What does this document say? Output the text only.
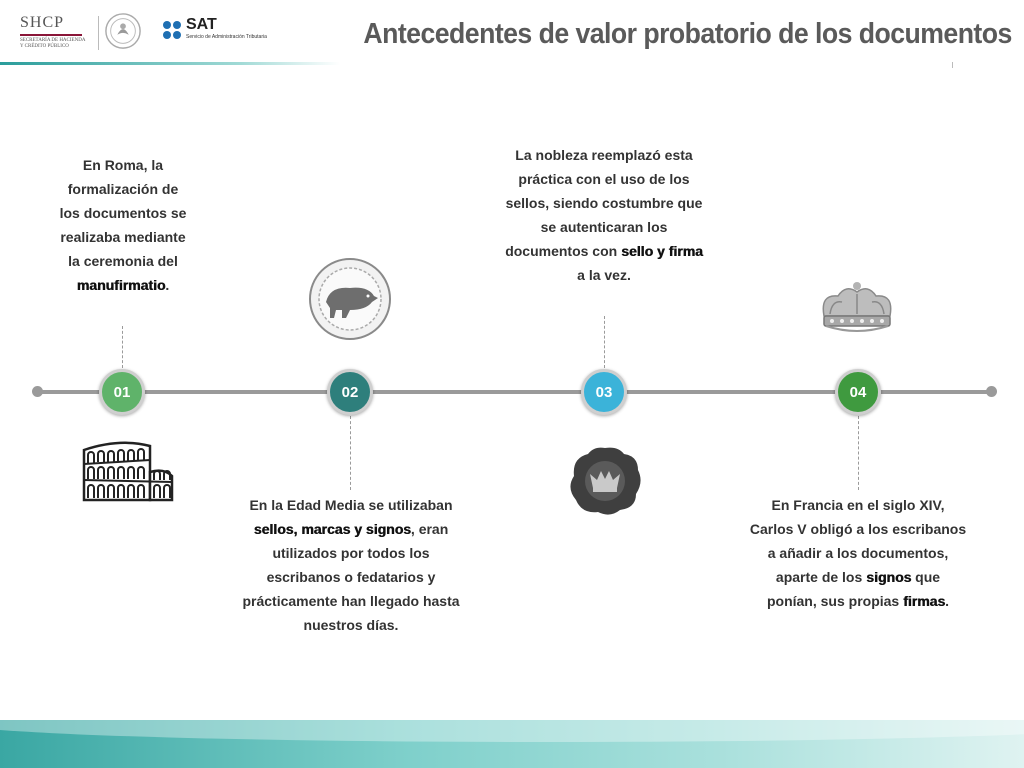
SHCP
SECRETARÍA DE HACIENDA
Y CRÉDITO PÚBLICO
SAT
Servicio de Administración Tributaria	Antecedentes de valor probatorio de los documentos
01	02	03	04
En Roma, la
formalización de
los documentos se
realizaba mediante
la ceremonia del
manufirmatio.
En la Edad Media se utilizaban
sellos, marcas y signos, eran
utilizados por todos los
escribanos o fedatarios y
prácticamente han llegado hasta
nuestros días.
La nobleza reemplazó esta
práctica con el uso de los
sellos, siendo costumbre que
se autenticaran los
documentos con sello y firma
a la vez.
En Francia en el siglo XIV,
Carlos V obligó a los escribanos
a añadir a los documentos,
aparte de los signos que
ponían, sus propias firmas.
